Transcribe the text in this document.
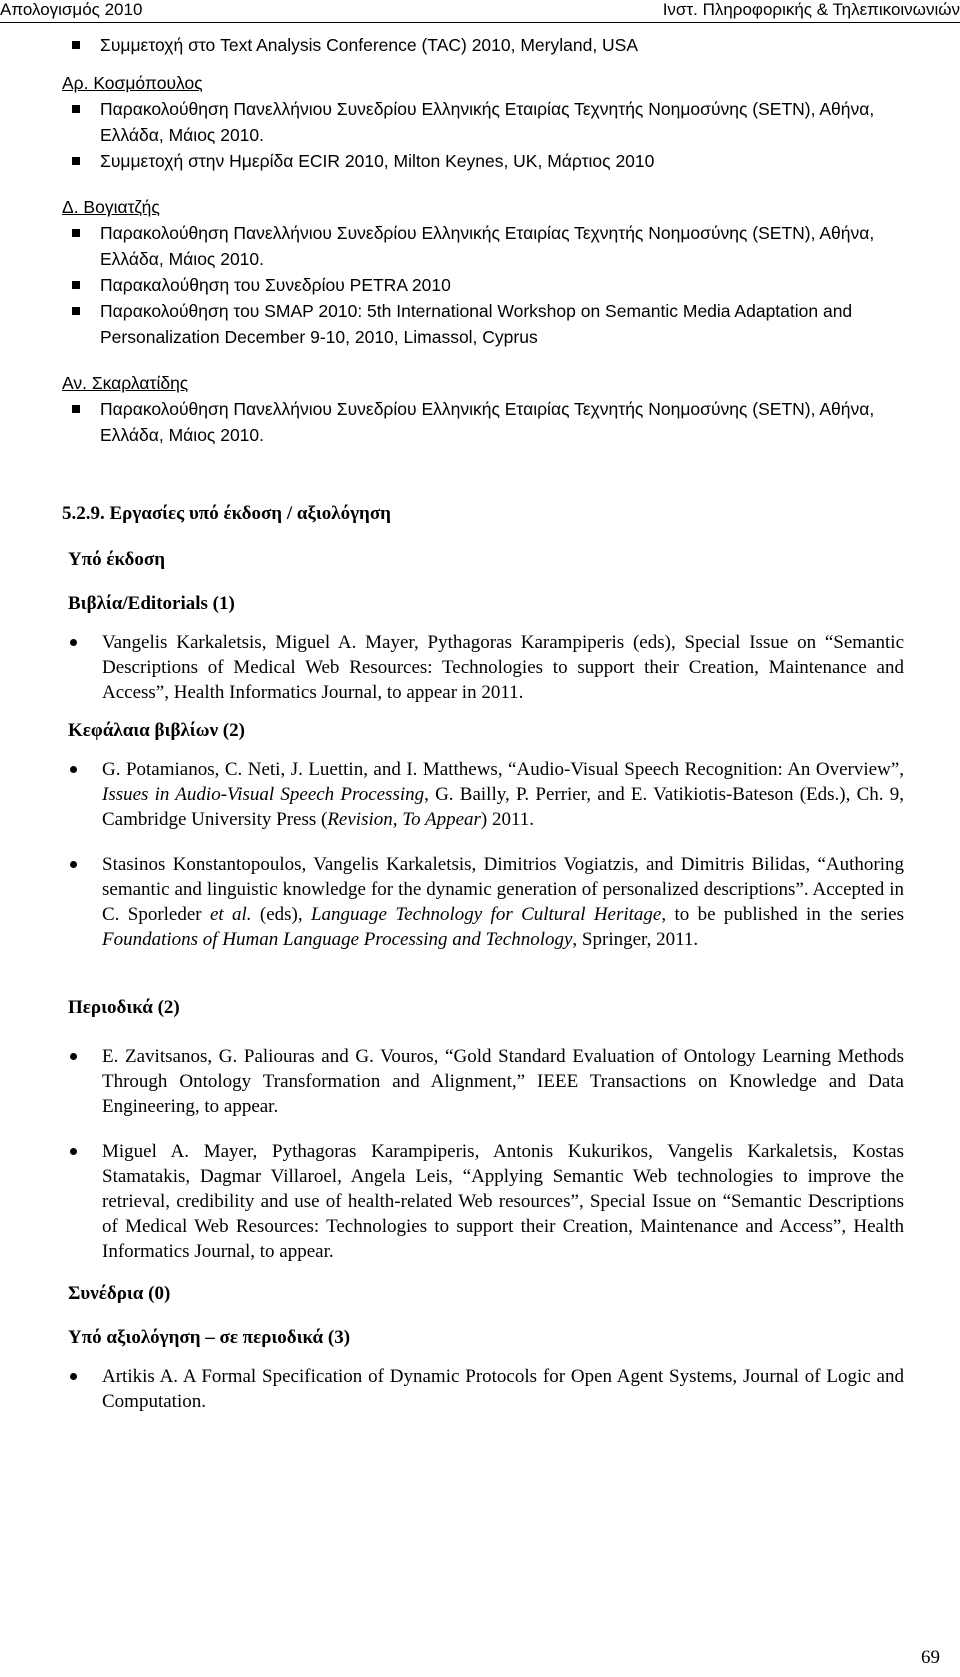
Απολογισμός 2010	Ινστ. Πληροφορικής & Τηλεπικοινωνιών
Συμμετοχή στο Text Analysis Conference (TAC) 2010, Meryland, USA
Αρ. Κοσμόπουλος
Παρακολούθηση Πανελλήνιου Συνεδρίου Ελληνικής Εταιρίας Τεχνητής Νοημοσύνης (SETN), Αθήνα, Ελλάδα, Μάιος 2010.
Συμμετοχή στην Ημερίδα ECIR 2010, Milton Keynes, UK, Μάρτιος 2010
Δ. Βογιατζής
Παρακολούθηση Πανελλήνιου Συνεδρίου Ελληνικής Εταιρίας Τεχνητής Νοημοσύνης (SETN), Αθήνα, Ελλάδα, Μάιος 2010.
Παρακαλούθηση του Συνεδρίου PETRA 2010
Παρακολούθηση του SMAP 2010: 5th International Workshop on Semantic Media Adaptation and Personalization December 9-10, 2010, Limassol, Cyprus
Αν. Σκαρλατίδης
Παρακολούθηση Πανελλήνιου Συνεδρίου Ελληνικής Εταιρίας Τεχνητής Νοημοσύνης (SETN), Αθήνα, Ελλάδα, Μάιος 2010.
5.2.9. Εργασίες υπό έκδοση / αξιολόγηση
Υπό έκδοση
Βιβλία/Editorials (1)
Vangelis Karkaletsis, Miguel A. Mayer, Pythagoras Karampiperis (eds), Special Issue on “Semantic Descriptions of Medical Web Resources: Technologies to support their Creation, Maintenance and Access”, Health Informatics Journal, to appear in 2011.
Κεφάλαια βιβλίων (2)
G. Potamianos, C. Neti, J. Luettin, and I. Matthews, “Audio-Visual Speech Recognition: An Overview”, Issues in Audio-Visual Speech Processing, G. Bailly, P. Perrier, and E. Vatikiotis-Bateson (Eds.), Ch. 9, Cambridge University Press (Revision, To Appear) 2011.
Stasinos Konstantopoulos, Vangelis Karkaletsis, Dimitrios Vogiatzis, and Dimitris Bilidas, “Authoring semantic and linguistic knowledge for the dynamic generation of personalized descriptions”. Accepted in C. Sporleder et al. (eds), Language Technology for Cultural Heritage, to be published in the series Foundations of Human Language Processing and Technology, Springer, 2011.
Περιοδικά (2)
E. Zavitsanos, G. Paliouras and G. Vouros, “Gold Standard Evaluation of Ontology Learning Methods Through Ontology Transformation and Alignment,” IEEE Transactions on Knowledge and Data Engineering, to appear.
Miguel A. Mayer, Pythagoras Karampiperis, Antonis Kukurikos, Vangelis Karkaletsis, Kostas Stamatakis, Dagmar Villaroel, Angela Leis, “Applying Semantic Web technologies to improve the retrieval, credibility and use of health-related Web resources”, Special Issue on “Semantic Descriptions of Medical Web Resources: Technologies to support their Creation, Maintenance and Access”, Health Informatics Journal, to appear.
Συνέδρια (0)
Υπό αξιολόγηση – σε περιοδικά (3)
Artikis A. A Formal Specification of Dynamic Protocols for Open Agent Systems, Journal of Logic and Computation.
69
